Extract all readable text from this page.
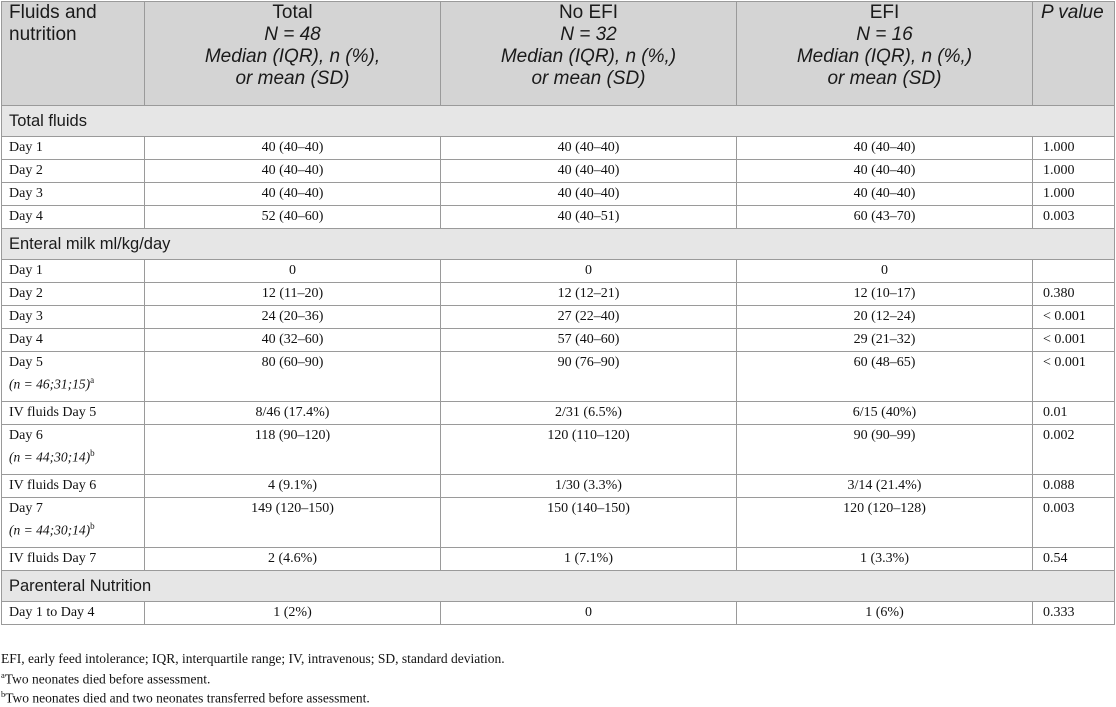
Fluids and
nutrition	Total
N = 48
Median (IQR), n (%),
or mean (SD)	No EFI
N = 32
Median (IQR), n (%,)
or mean (SD)	EFI
N = 16
Median (IQR), n (%,)
or mean (SD)	P value
Total fluids				
Day 1	40 (40–40)	40 (40–40)	40 (40–40)	1.000
Day 2	40 (40–40)	40 (40–40)	40 (40–40)	1.000
Day 3	40 (40–40)	40 (40–40)	40 (40–40)	1.000
Day 4	52 (40–60)	40 (40–51)	60 (43–70)	0.003
Enteral milk ml/kg/day				
Day 1	0	0	0	
Day 2	12 (11–20)	12 (12–21)	12 (10–17)	0.380
Day 3	24 (20–36)	27 (22–40)	20 (12–24)	< 0.001
Day 4	40 (32–60)	57 (40–60)	29 (21–32)	< 0.001
Day 5
(n = 46;31;15)$^a$	80 (60–90)	90 (76–90)	60 (48–65)	< 0.001
IV fluids Day 5	8/46 (17.4%)	2/31 (6.5%)	6/15 (40%)	0.01
Day 6
(n = 44;30;14)$^b$	118 (90–120)	120 (110–120)	90 (90–99)	0.002
IV fluids Day 6	4 (9.1%)	1/30 (3.3%)	3/14 (21.4%)	0.088
Day 7
(n = 44;30;14)$^b$	149 (120–150)	150 (140–150)	120 (120–128)	0.003
IV fluids Day 7	2 (4.6%)	1 (7.1%)	1 (3.3%)	0.54
Parenteral Nutrition				
Day 1 to Day 4	1 (2%)	0	1 (6%)	0.333
EFI, early feed intolerance; IQR, interquartile range; IV, intravenous; SD, standard deviation.
$^a$Two neonates died before assessment.
$^b$Two neonates died and two neonates transferred before assessment.
